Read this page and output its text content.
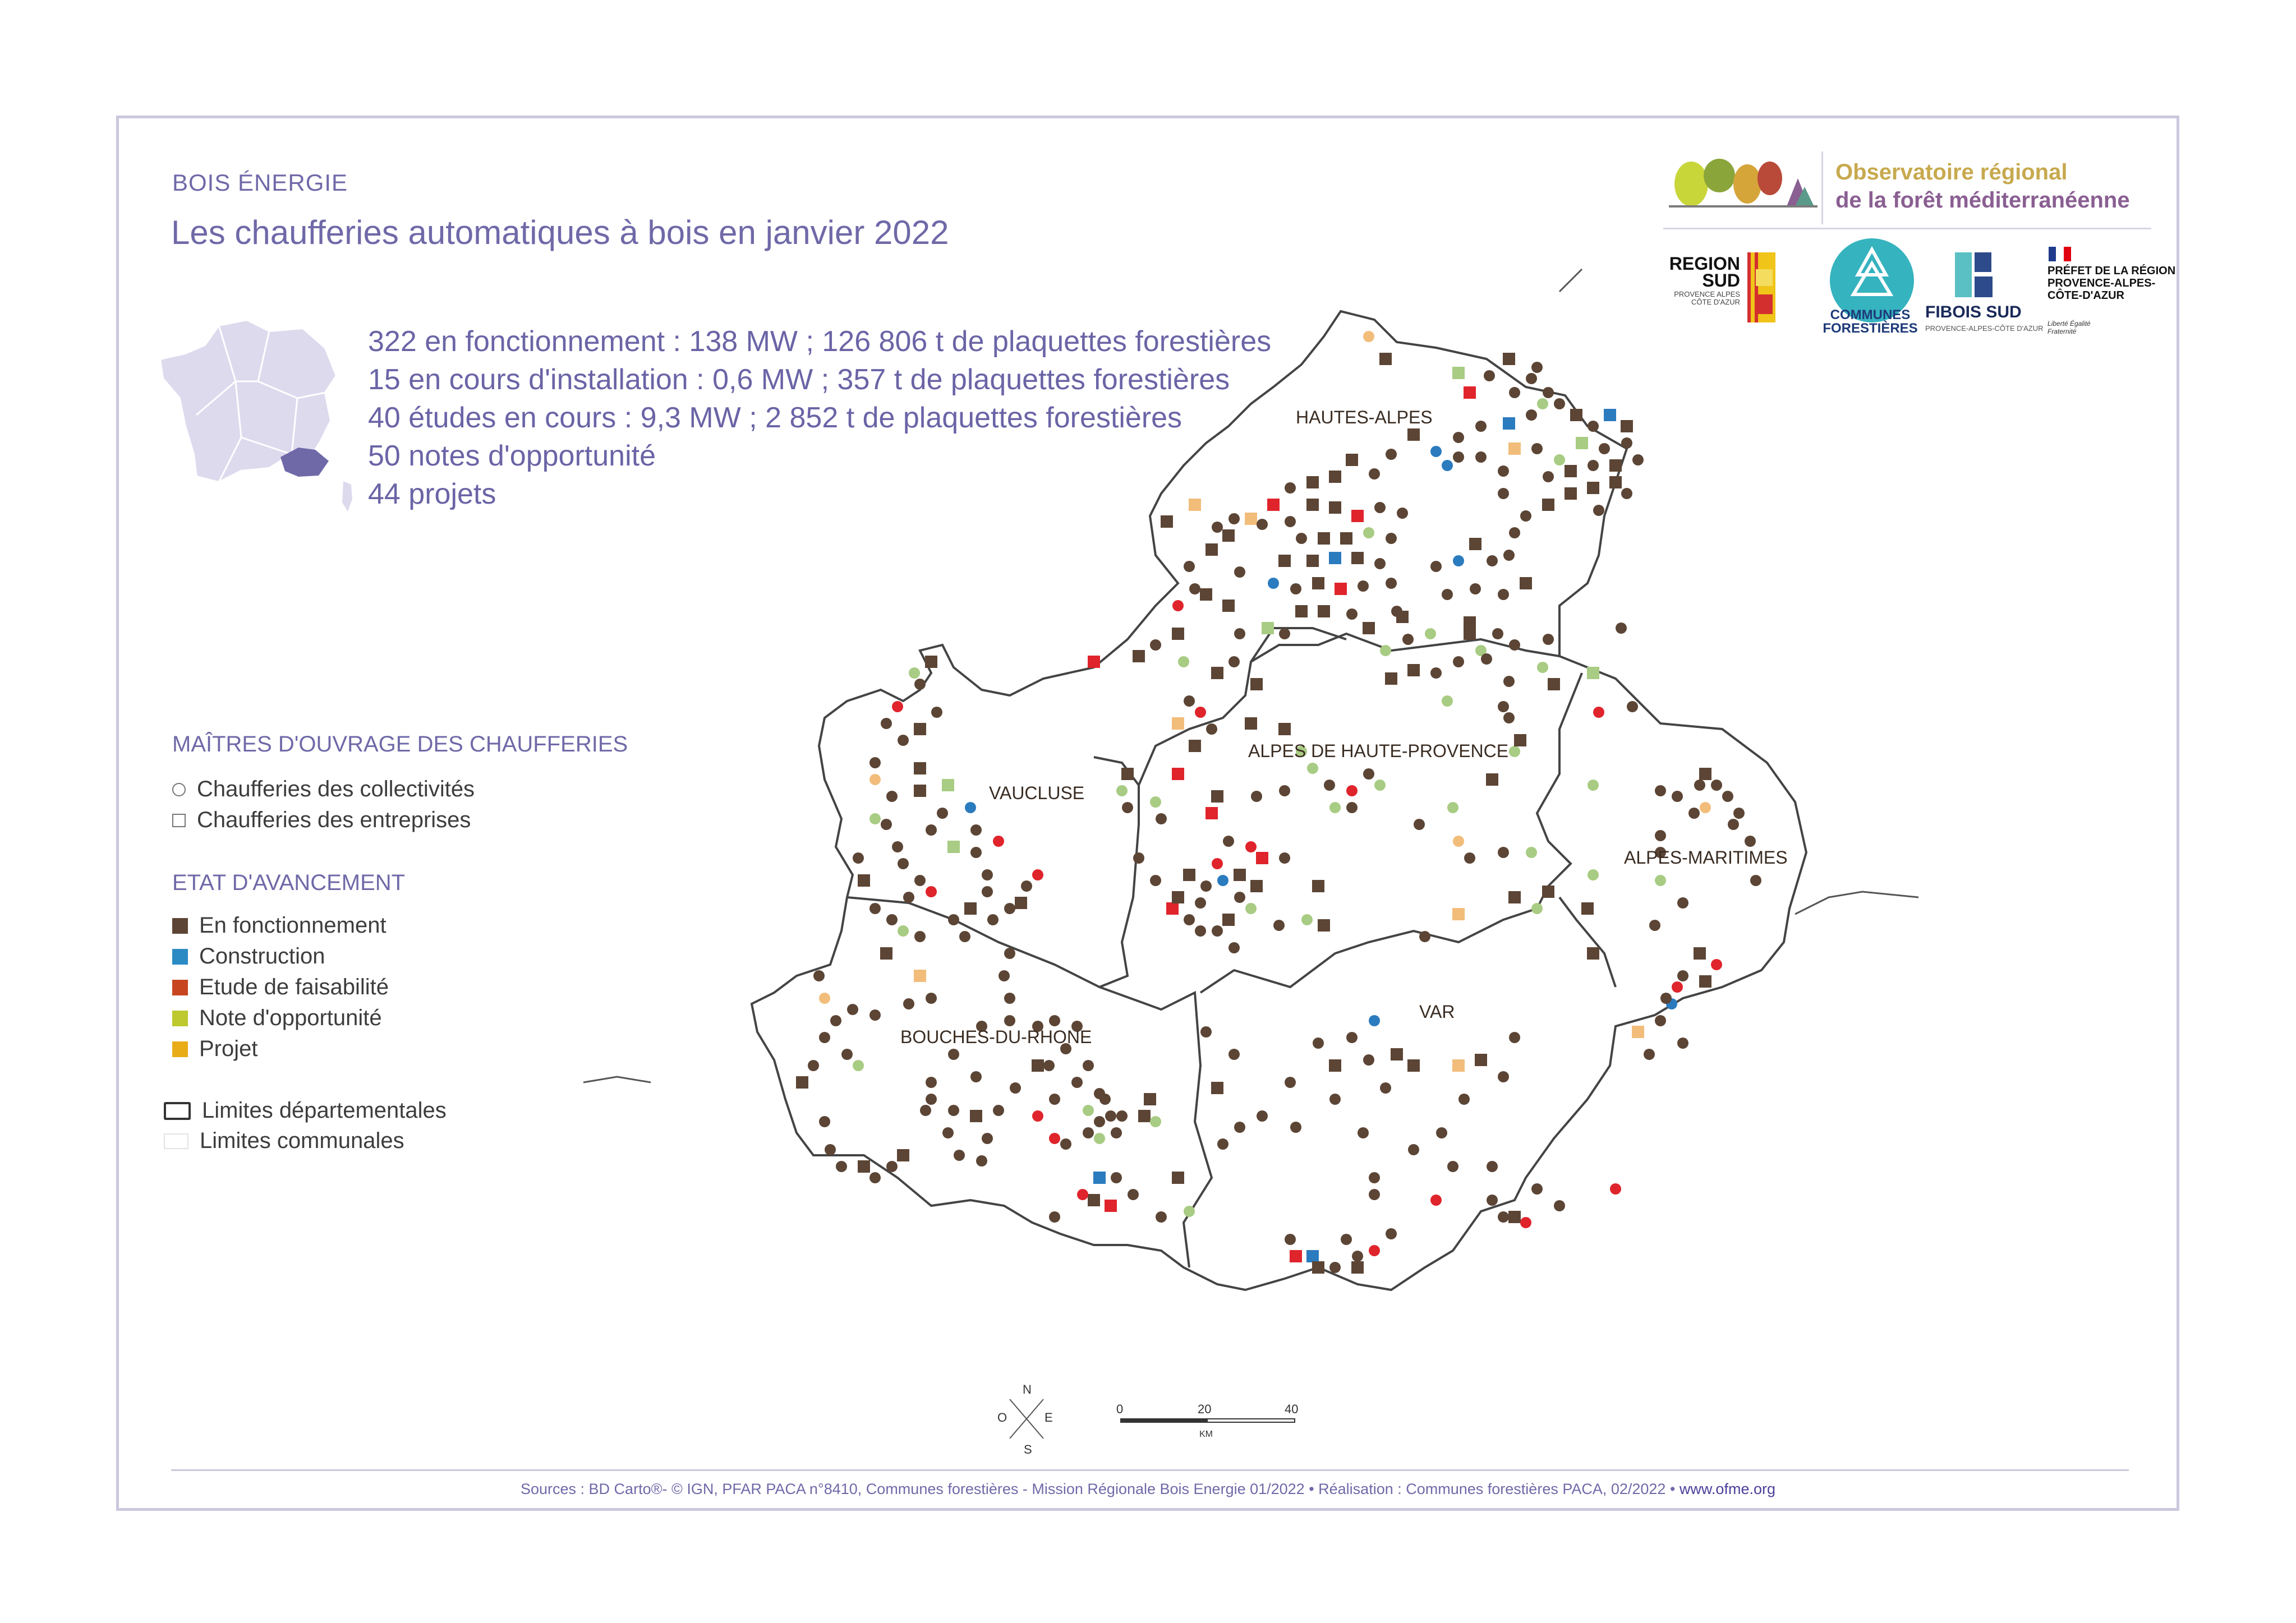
BOIS ÉNERGIE
Les chaufferies automatiques à bois en janvier 2022
322 en fonctionnement : 138 MW ; 126 806 t de plaquettes forestières
15 en cours d'installation : 0,6 MW ; 357 t de plaquettes forestières
40 études en cours : 9,3 MW ; 2 852 t de plaquettes forestières
50 notes d'opportunité
44 projets
MAÎTRES D'OUVRAGE DES CHAUFFERIES
Chaufferies des collectivités
Chaufferies des entreprises
ETAT D'AVANCEMENT
En fonctionnement
Construction
Etude de faisabilité
Note d'opportunité
Projet
Limites départementales
Limites communales
Observatoire régional
de la forêt méditerranéenne
REGION SUD
PROVENCE ALPES CÔTE D'AZUR
COMMUNES FORESTIÈRES
FIBOIS SUD
PROVENCE-ALPES-CÔTE D'AZUR
PRÉFET DE LA RÉGION PROVENCE-ALPES-CÔTE-D'AZUR
Liberté Égalité Fraternité
HAUTES-ALPES
ALPES DE HAUTE-PROVENCE
VAUCLUSE
ALPES-MARITIMES
BOUCHES-DU-RHONE
VAR
N
S
E
O
0	20	40
KM
Sources : BD Carto®- © IGN, PFAR PACA n°8410, Communes forestières - Mission Régionale Bois Energie 01/2022 • Réalisation : Communes forestières PACA, 02/2022 • www.ofme.org
